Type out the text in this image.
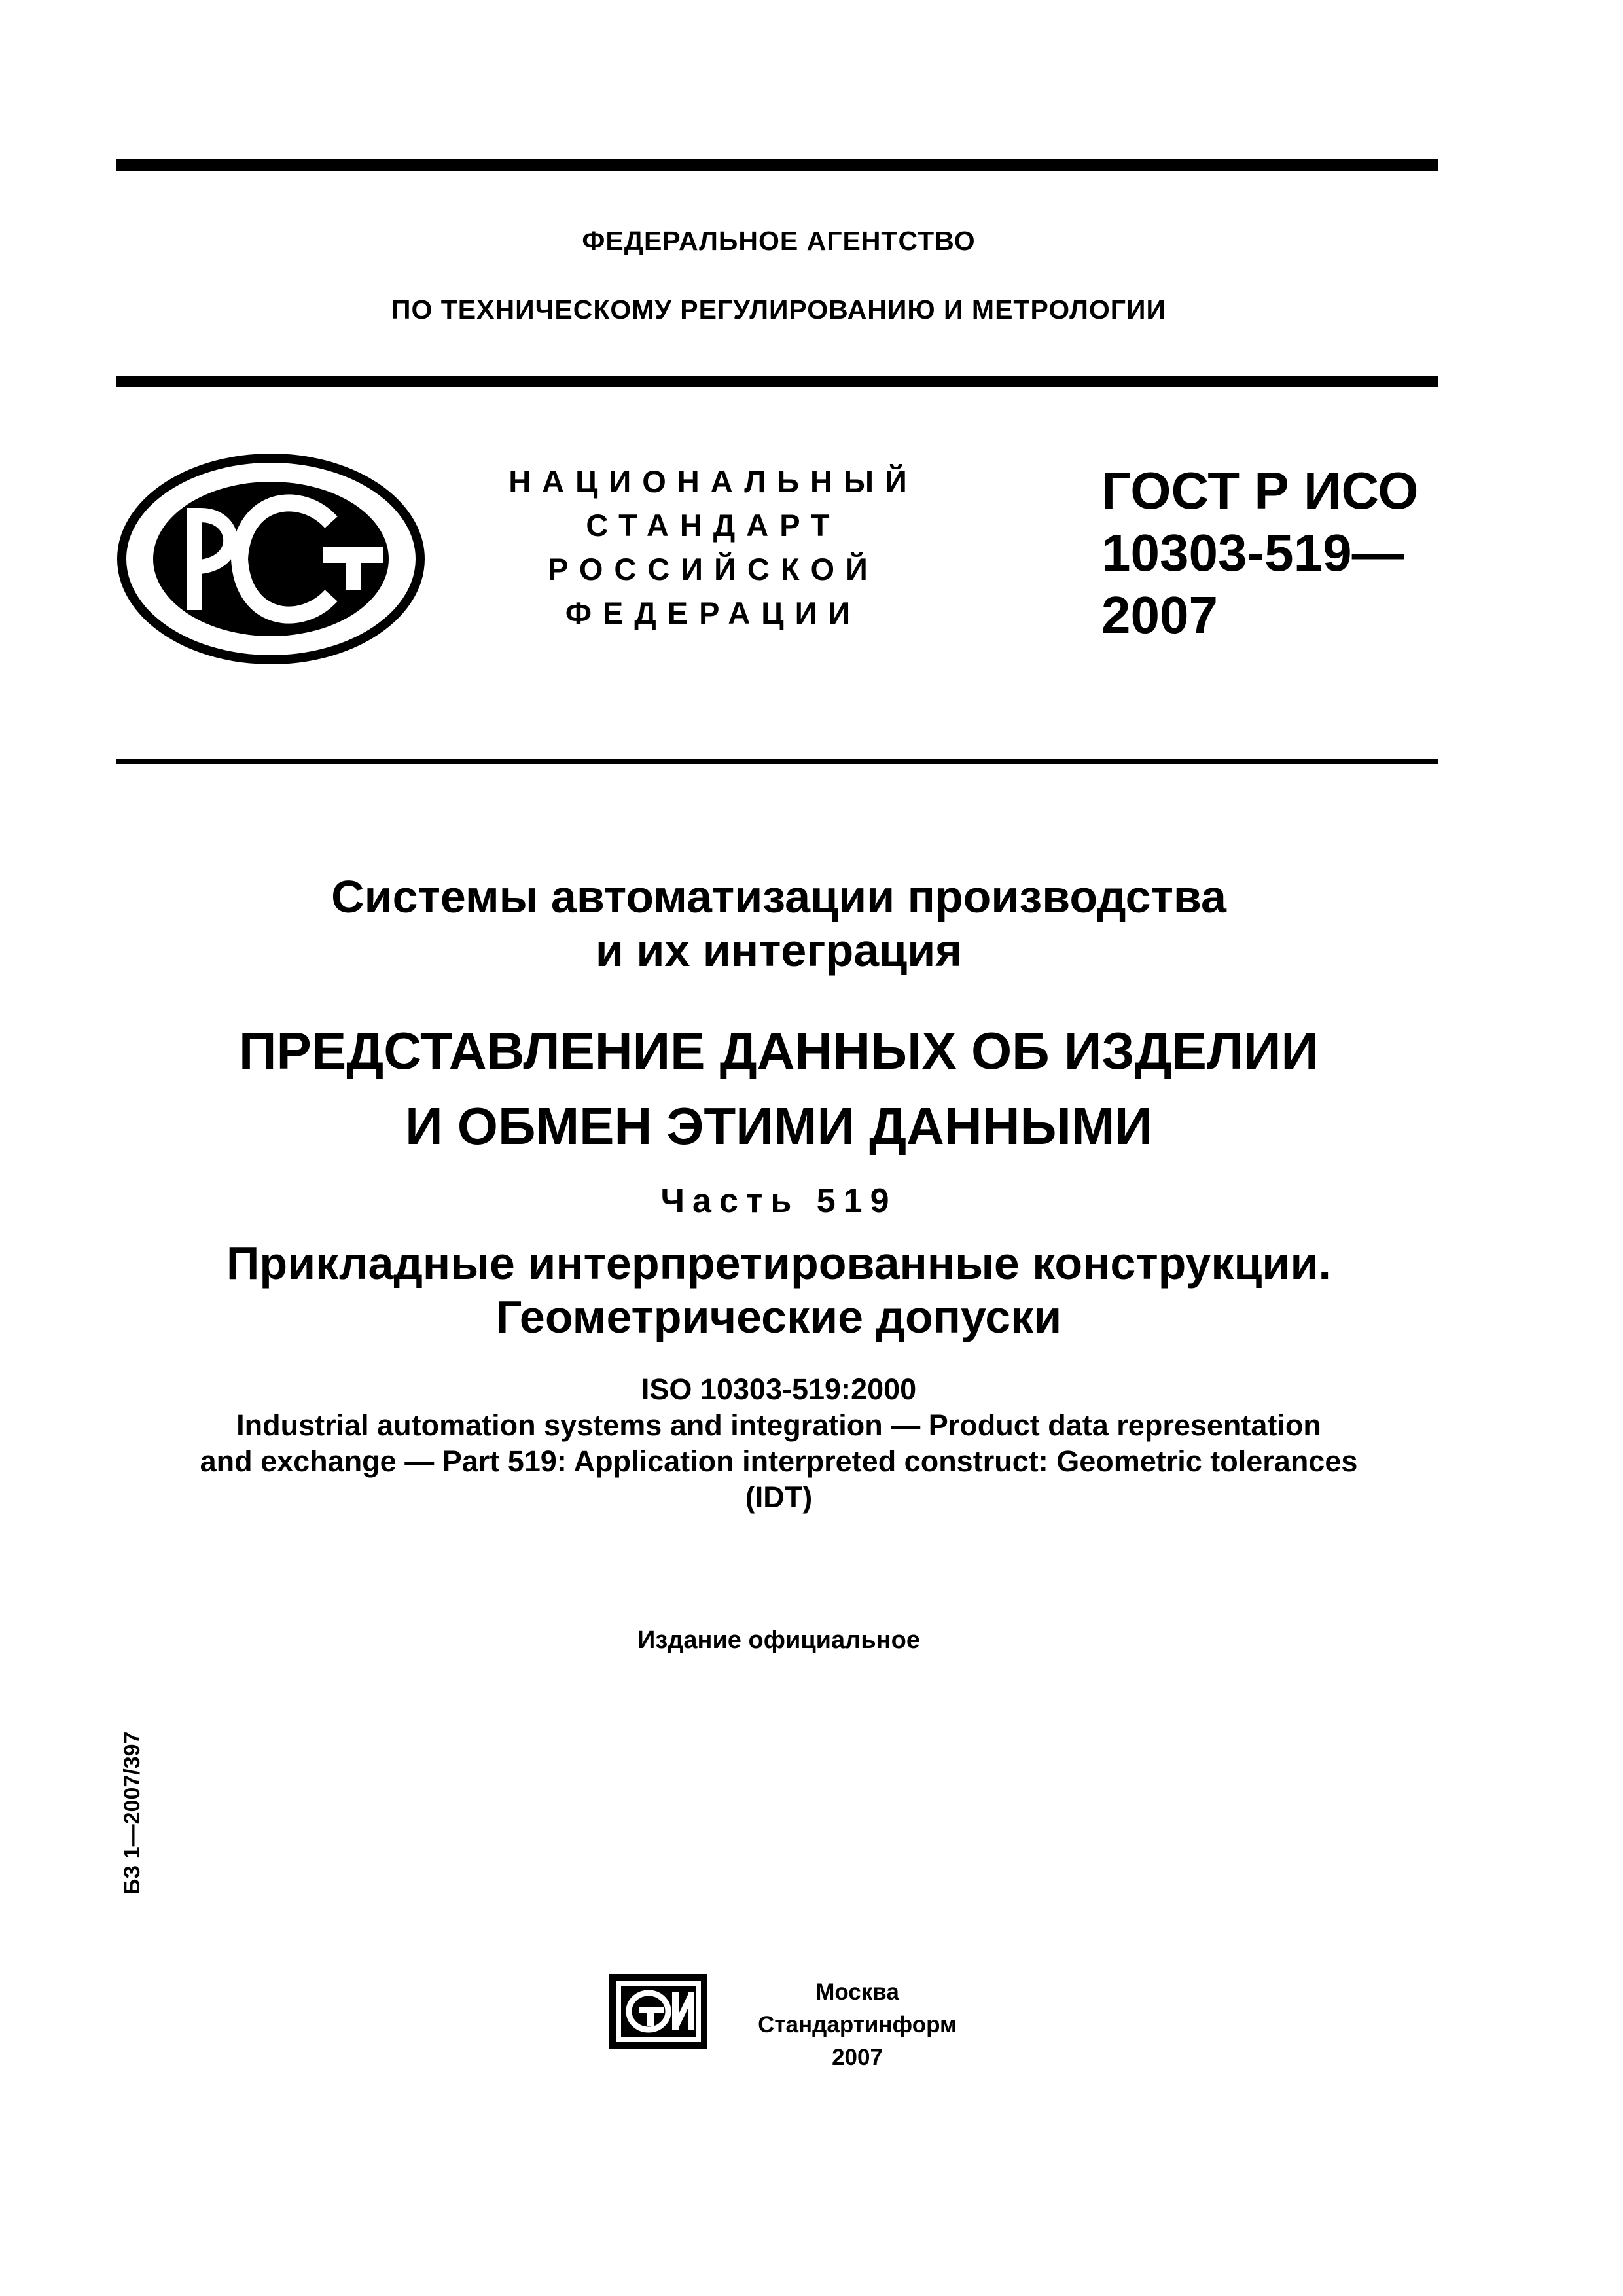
ФЕДЕРАЛЬНОЕ АГЕНТСТВО
ПО ТЕХНИЧЕСКОМУ РЕГУЛИРОВАНИЮ И МЕТРОЛОГИИ
НАЦИОНАЛЬНЫЙ
СТАНДАРТ
РОССИЙСКОЙ
ФЕДЕРАЦИИ
ГОСТ Р ИСО
10303-519—
2007
Системы автоматизации производства
и их интеграция
ПРЕДСТАВЛЕНИЕ ДАННЫХ ОБ ИЗДЕЛИИ
И ОБМЕН ЭТИМИ ДАННЫМИ
Часть 519
Прикладные интерпретированные конструкции.
Геометрические допуски
ISO 10303-519:2000
Industrial automation systems and integration — Product data representation
and exchange — Part 519: Application interpreted construct: Geometric tolerances
(IDT)
Издание официальное
БЗ 1—2007/397
Москва
Стандартинформ
2007
